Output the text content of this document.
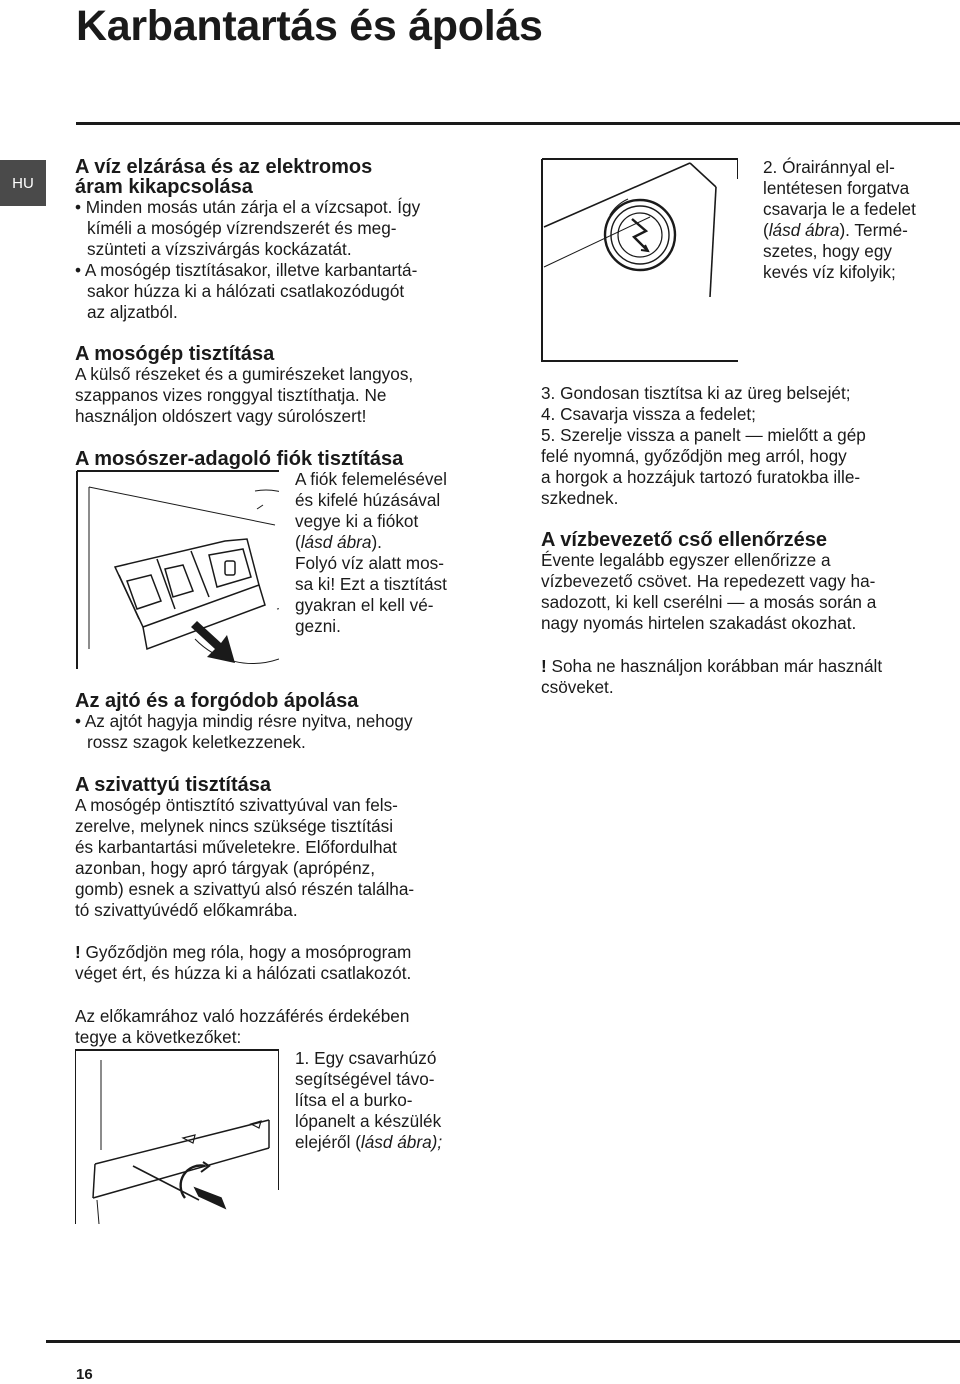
Karbantartás és ápolás
HU

2. Órairánnyal el-

lentétesen forgatva

csavarja le a fedelet

(lásd ábra). Termé-

szetes, hogy egy

kevés víz kifolyik;

A víz elzárása és az elektromos
áram kikapcsolása

• Minden mosás után zárja el a vízcsapot. Így
kíméli a mosógép vízrendszerét és meg-
szünteti a vízszivárgás kockázatát.

• A mosógép tisztításakor, illetve karbantartá-
sakor húzza ki a hálózati csatlakozódugót
az aljzatból.

A mosógép tisztítása

A külső részeket és a gumirészeket langyos,

szappanos vizes ronggyal tisztíthatja. Ne

használjon oldószert vagy súrolószert!

A mosószer-adagoló fiók tisztítása

A fiók felemelésével

és kifelé húzásával

vegye ki a fiókot

(lásd ábra).

Folyó víz alatt mos-

sa ki! Ezt a tisztítást

gyakran el kell vé-

gezni.

Az ajtó és a forgódob ápolása

• Az ajtót hagyja mindig résre nyitva, nehogy

rossz szagok keletkezzenek.

A szivattyú tisztítása

A mosógép öntisztító szivattyúval van fels-

zerelve, melynek nincs szüksége tisztítási

és karbantartási műveletekre. Előfordulhat

azonban, hogy apró tárgyak (aprópénz,

gomb) esnek a szivattyú alsó részén találha-

tó szivattyúvédő előkamrába.

! Győződjön meg róla, hogy a mosóprogram

véget ért, és húzza ki a hálózati csatlakozót.

Az előkamrához való hozzáférés érdekében

tegye a következőket:

1. Egy csavarhúzó

segítségével távo-

lítsa el a burko-

lópanelt a készülék

elejéről (lásd ábra);

3. Gondosan tisztítsa ki az üreg belsejét;

4. Csavarja vissza a fedelet;

5. Szerelje vissza a panelt — mielőtt a gép

felé nyomná, győződjön meg arról, hogy

a horgok a hozzájuk tartozó furatokba ille-

szkednek.

A vízbevezető cső ellenőrzése

Évente legalább egyszer ellenőrizze a

vízbevezető csövet. Ha repedezett vagy ha-

sadozott, ki kell cserélni — a mosás során a

nagy nyomás hirtelen szakadást okozhat.

! Soha ne használjon korábban már használt

csöveket.

16
